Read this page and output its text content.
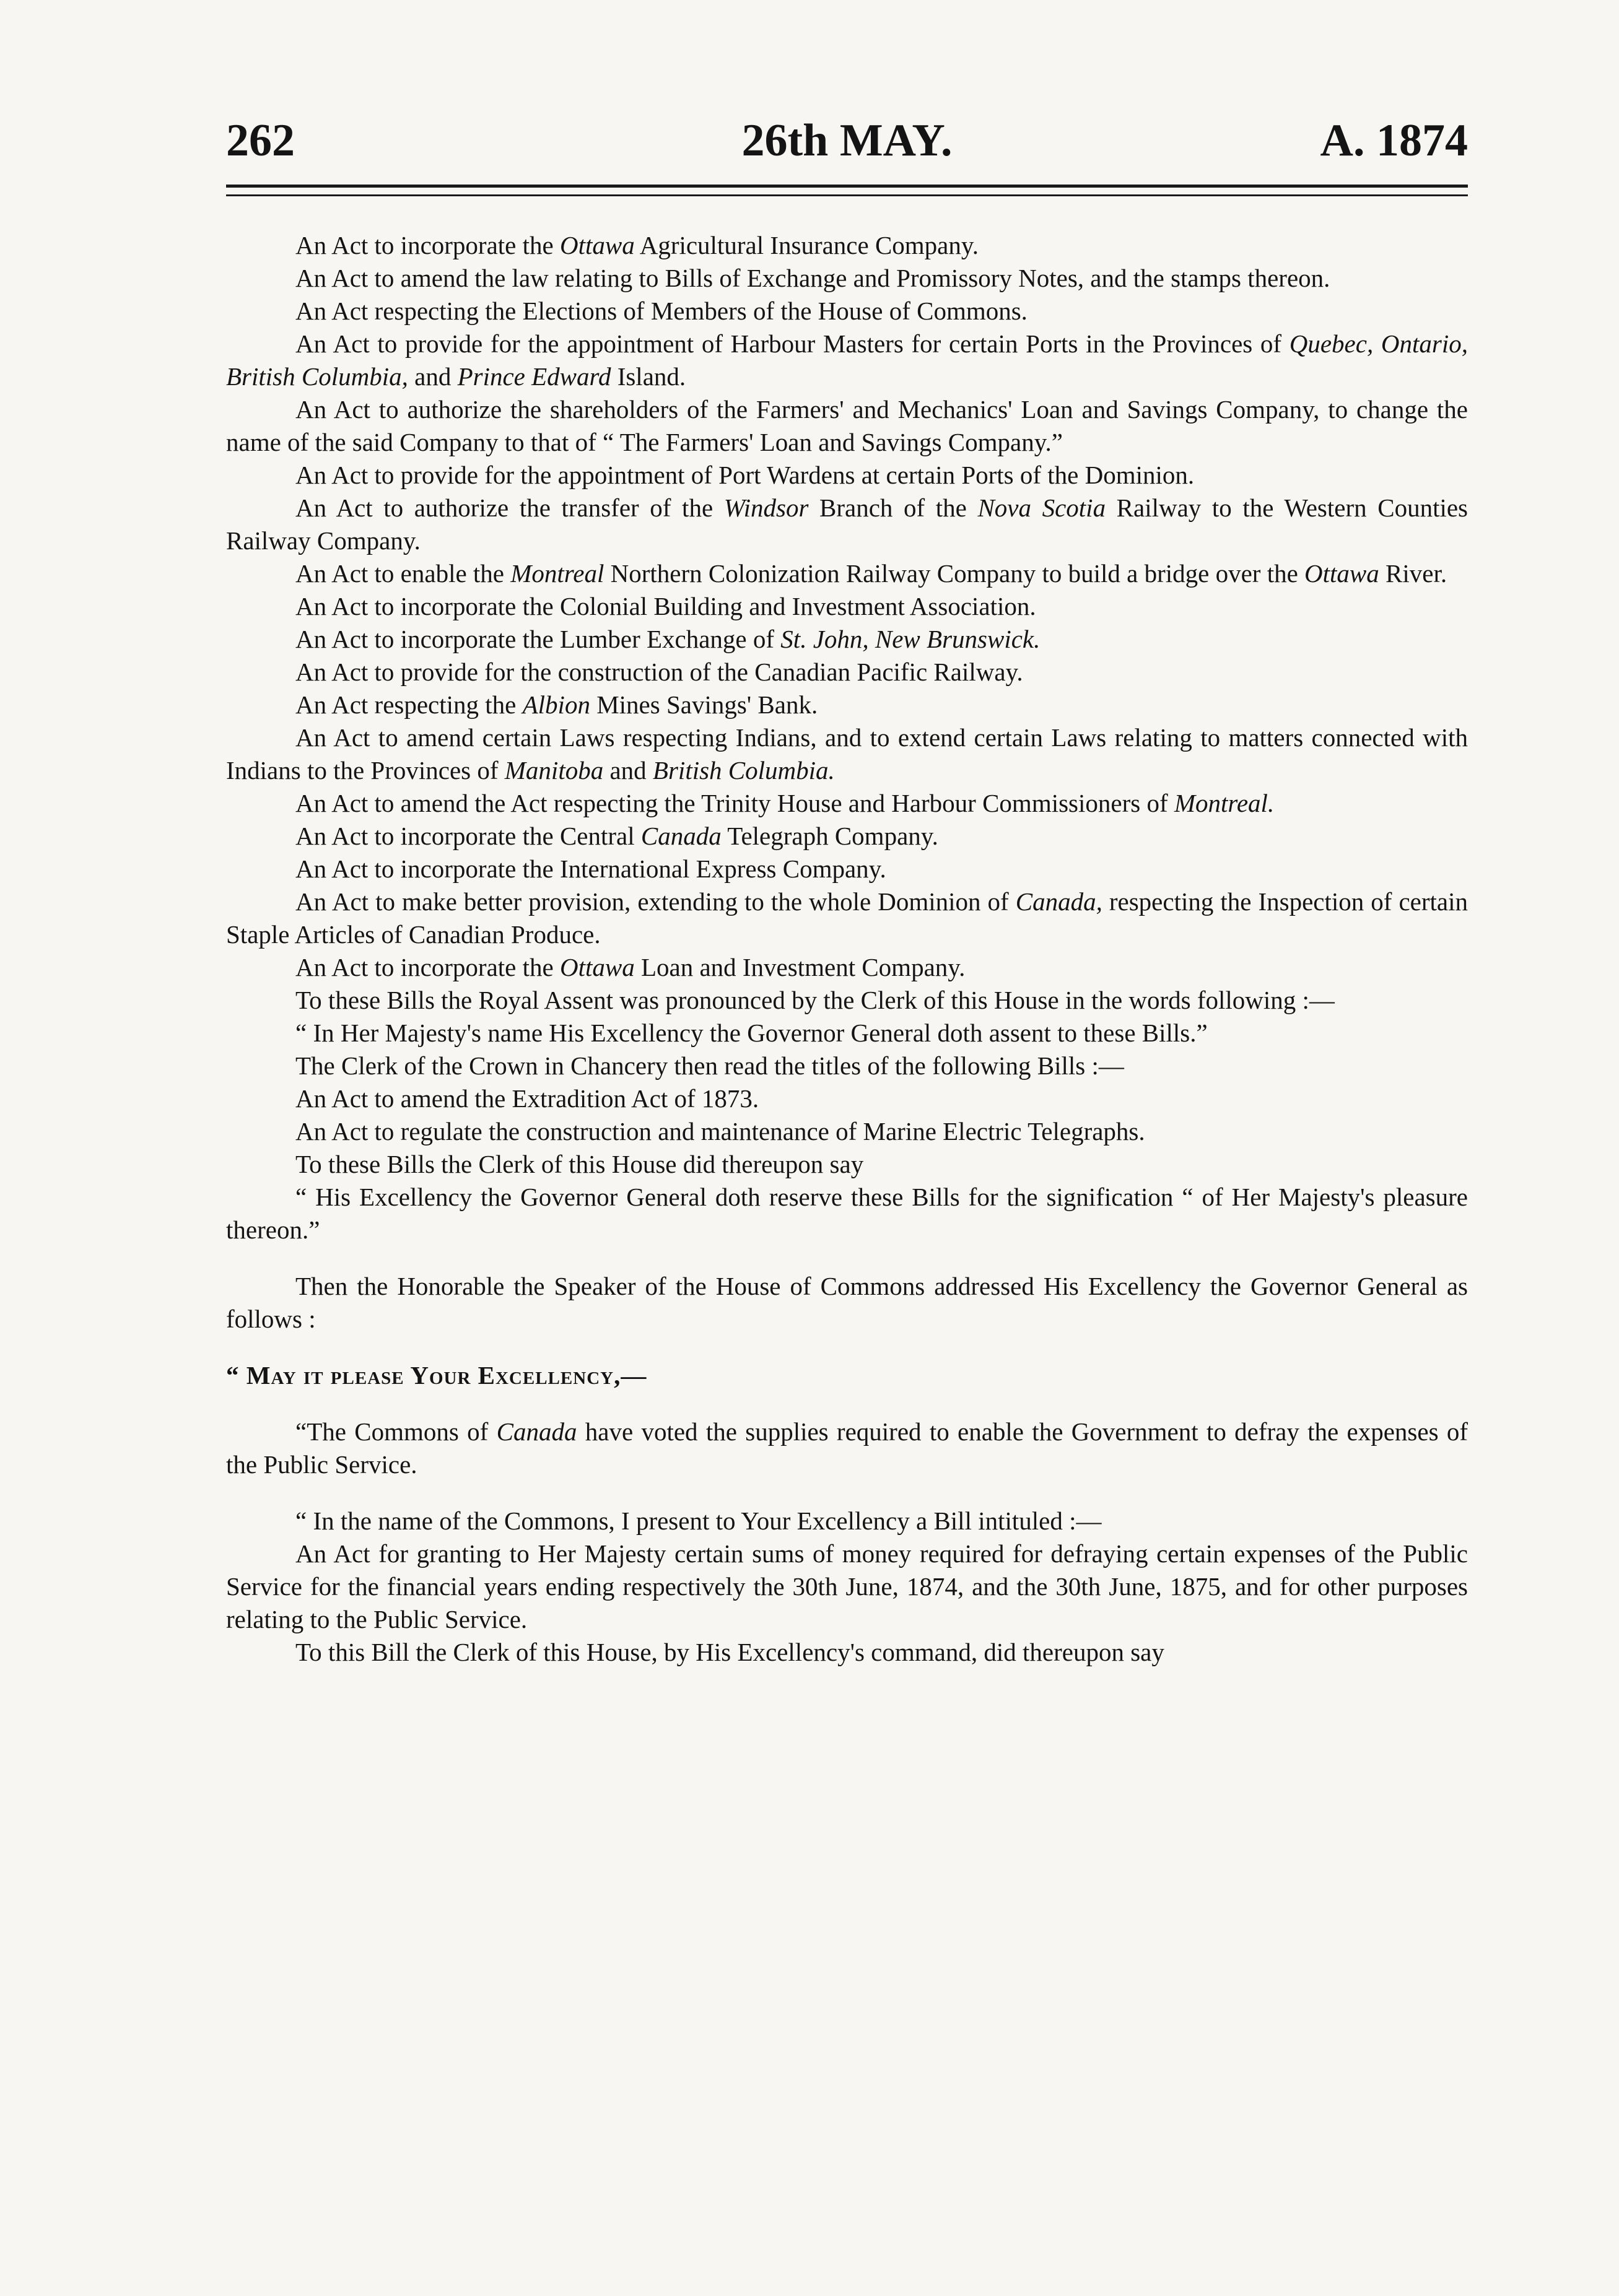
262	26th MAY.	A. 1874

An Act to incorporate the Ottawa Agricultural Insurance Company.

An Act to amend the law relating to Bills of Exchange and Promissory Notes, and the stamps thereon.

An Act respecting the Elections of Members of the House of Commons.

An Act to provide for the appointment of Harbour Masters for certain Ports in the Provinces of Quebec, Ontario, British Columbia, and Prince Edward Island.

An Act to authorize the shareholders of the Farmers' and Mechanics' Loan and Savings Company, to change the name of the said Company to that of “ The Farmers' Loan and Savings Company.”

An Act to provide for the appointment of Port Wardens at certain Ports of the Dominion.

An Act to authorize the transfer of the Windsor Branch of the Nova Scotia Railway to the Western Counties Railway Company.

An Act to enable the Montreal Northern Colonization Railway Company to build a bridge over the Ottawa River.

An Act to incorporate the Colonial Building and Investment Association.

An Act to incorporate the Lumber Exchange of St. John, New Brunswick.

An Act to provide for the construction of the Canadian Pacific Railway.

An Act respecting the Albion Mines Savings' Bank.

An Act to amend certain Laws respecting Indians, and to extend certain Laws relating to matters connected with Indians to the Provinces of Manitoba and British Columbia.

An Act to amend the Act respecting the Trinity House and Harbour Commissioners of Montreal.

An Act to incorporate the Central Canada Telegraph Company.

An Act to incorporate the International Express Company.

An Act to make better provision, extending to the whole Dominion of Canada, respecting the Inspection of certain Staple Articles of Canadian Produce.

An Act to incorporate the Ottawa Loan and Investment Company.

To these Bills the Royal Assent was pronounced by the Clerk of this House in the words following :—

“ In Her Majesty's name His Excellency the Governor General doth assent to these Bills.”

The Clerk of the Crown in Chancery then read the titles of the following Bills :—

An Act to amend the Extradition Act of 1873.

An Act to regulate the construction and maintenance of Marine Electric Telegraphs.

To these Bills the Clerk of this House did thereupon say

“ His Excellency the Governor General doth reserve these Bills for the signification “ of Her Majesty's pleasure thereon.”

Then the Honorable the Speaker of the House of Commons addressed His Excellency the Governor General as follows :

“ May it please Your Excellency,—

“The Commons of Canada have voted the supplies required to enable the Government to defray the expenses of the Public Service.

“ In the name of the Commons, I present to Your Excellency a Bill intituled :—

An Act for granting to Her Majesty certain sums of money required for defraying certain expenses of the Public Service for the financial years ending respectively the 30th June, 1874, and the 30th June, 1875, and for other purposes relating to the Public Service.

To this Bill the Clerk of this House, by His Excellency's command, did thereupon say
